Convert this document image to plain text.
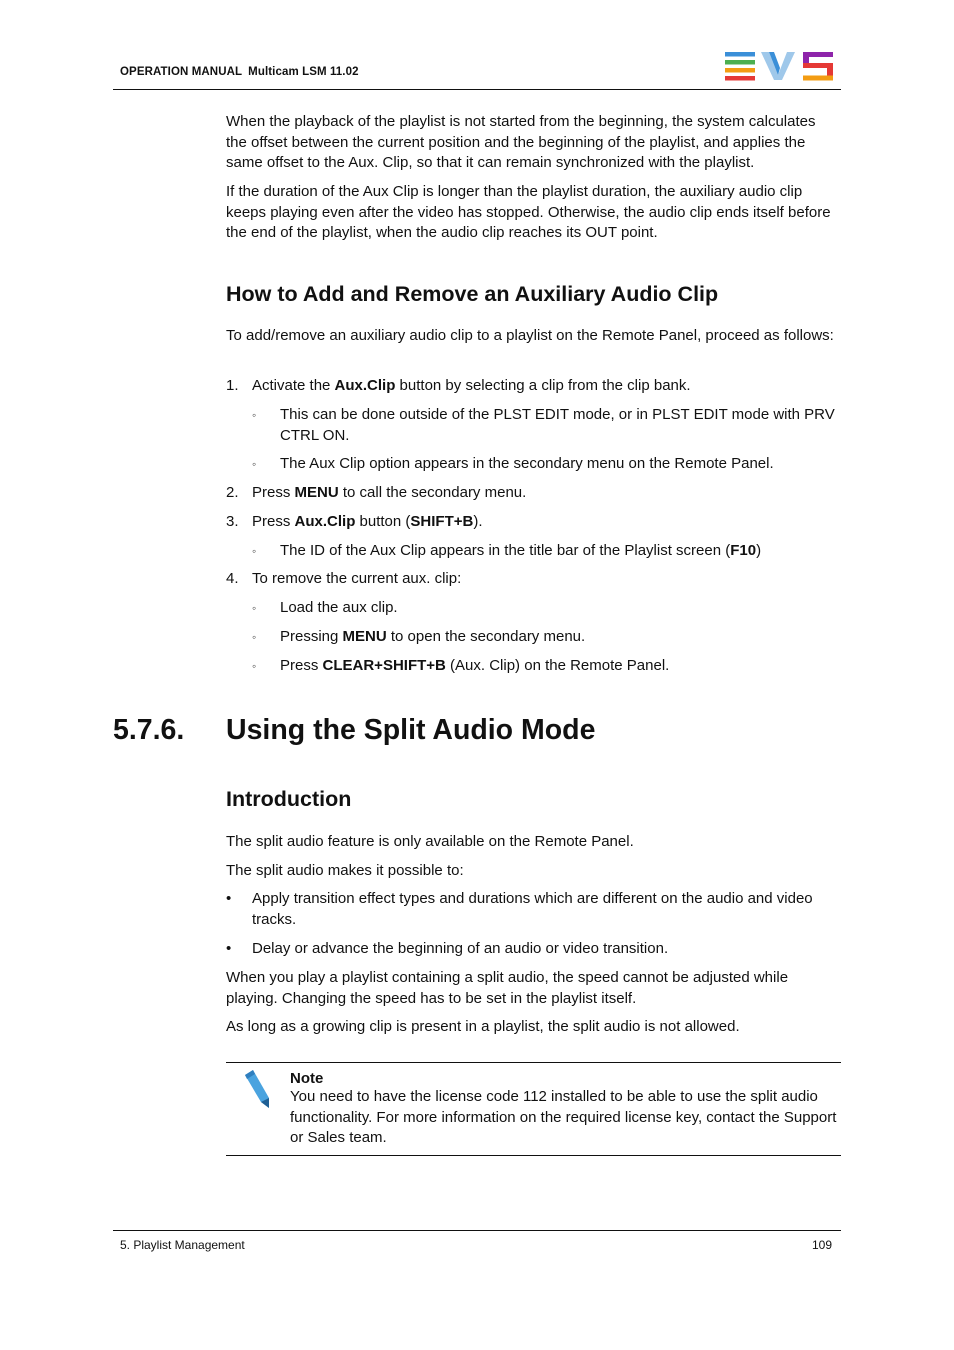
OPERATION MANUAL Multicam LSM 11.02

When the playback of the playlist is not started from the beginning, the system calculates the offset between the current position and the beginning of the playlist, and applies the same offset to the Aux. Clip, so that it can remain synchronized with the playlist.

If the duration of the Aux Clip is longer than the playlist duration, the auxiliary audio clip keeps playing even after the video has stopped. Otherwise, the audio clip ends itself before the end of the playlist, when the audio clip reaches its OUT point.

How to Add and Remove an Auxiliary Audio Clip

To add/remove an auxiliary audio clip to a playlist on the Remote Panel, proceed as follows:

1. Activate the Aux.Clip button by selecting a clip from the clip bank.
◦ This can be done outside of the PLST EDIT mode, or in PLST EDIT mode with PRV CTRL ON.
◦ The Aux Clip option appears in the secondary menu on the Remote Panel.
2. Press MENU to call the secondary menu.
3. Press Aux.Clip button (SHIFT+B).
◦ The ID of the Aux Clip appears in the title bar of the Playlist screen (F10)
4. To remove the current aux. clip:
◦ Load the aux clip.
◦ Pressing MENU to open the secondary menu.
◦ Press CLEAR+SHIFT+B (Aux. Clip) on the Remote Panel.
5.7.6. Using the Split Audio Mode
Introduction

The split audio feature is only available on the Remote Panel.

The split audio makes it possible to:

• Apply transition effect types and durations which are different on the audio and video tracks.
• Delay or advance the beginning of an audio or video transition.

When you play a playlist containing a split audio, the speed cannot be adjusted while playing. Changing the speed has to be set in the playlist itself.

As long as a growing clip is present in a playlist, the split audio is not allowed.

Note
You need to have the license code 112 installed to be able to use the split audio functionality. For more information on the required license key, contact the Support or Sales team.
5. Playlist Management	109
